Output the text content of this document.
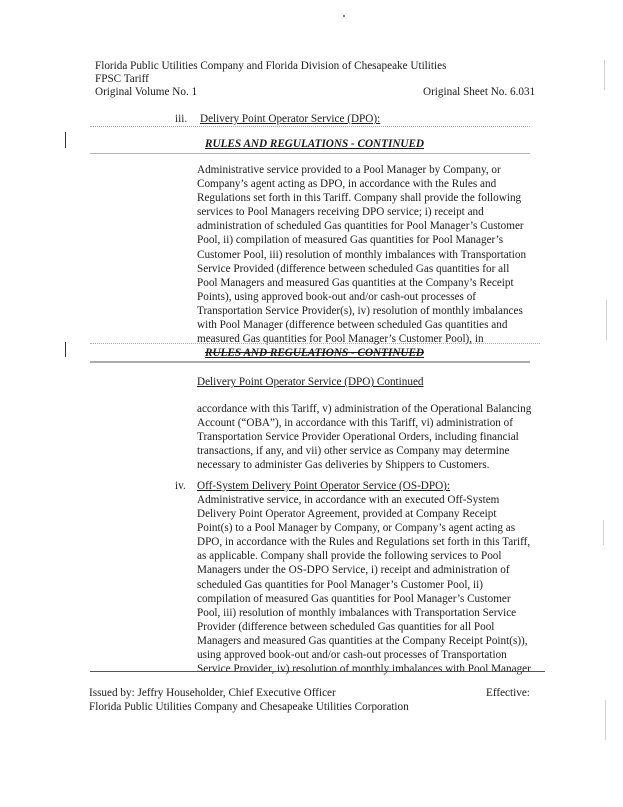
Florida Public Utilities Company and Florida Division of Chesapeake Utilities
FPSC Tariff
Original Volume No. 1	Original Sheet No. 6.031
iii. Delivery Point Operator Service (DPO):
RULES AND REGULATIONS - CONTINUED
Administrative service provided to a Pool Manager by Company, or
Company’s agent acting as DPO, in accordance with the Rules and
Regulations set forth in this Tariff. Company shall provide the following
services to Pool Managers receiving DPO service; i) receipt and
administration of scheduled Gas quantities for Pool Manager’s Customer
Pool, ii) compilation of measured Gas quantities for Pool Manager’s
Customer Pool, iii) resolution of monthly imbalances with Transportation
Service Provided (difference between scheduled Gas quantities for all
Pool Managers and measured Gas quantities at the Company’s Receipt
Points), using approved book-out and/or cash-out processes of
Transportation Service Provider(s), iv) resolution of monthly imbalances
with Pool Manager (difference between scheduled Gas quantities and
measured Gas quantities for Pool Manager’s Customer Pool), in
RULES AND REGULATIONS - CONTINUED
Delivery Point Operator Service (DPO) Continued
accordance with this Tariff, v) administration of the Operational Balancing
Account (“OBA”), in accordance with this Tariff, vi) administration of
Transportation Service Provider Operational Orders, including financial
transactions, if any, and vii) other service as Company may determine
necessary to administer Gas deliveries by Shippers to Customers.
iv. Off-System Delivery Point Operator Service (OS-DPO):
Administrative service, in accordance with an executed Off-System
Delivery Point Operator Agreement, provided at Company Receipt
Point(s) to a Pool Manager by Company, or Company’s agent acting as
DPO, in accordance with the Rules and Regulations set forth in this Tariff,
as applicable. Company shall provide the following services to Pool
Managers under the OS-DPO Service, i) receipt and administration of
scheduled Gas quantities for Pool Manager’s Customer Pool, ii)
compilation of measured Gas quantities for Pool Manager’s Customer
Pool, iii) resolution of monthly imbalances with Transportation Service
Provider (difference between scheduled Gas quantities for all Pool
Managers and measured Gas quantities at the Company Receipt Point(s)),
using approved book-out and/or cash-out processes of Transportation
Service Provider, iv) resolution of monthly imbalances with Pool Manager
Issued by: Jeffry Householder, Chief Executive Officer
Florida Public Utilities Company and Chesapeake Utilities Corporation
Effective:
